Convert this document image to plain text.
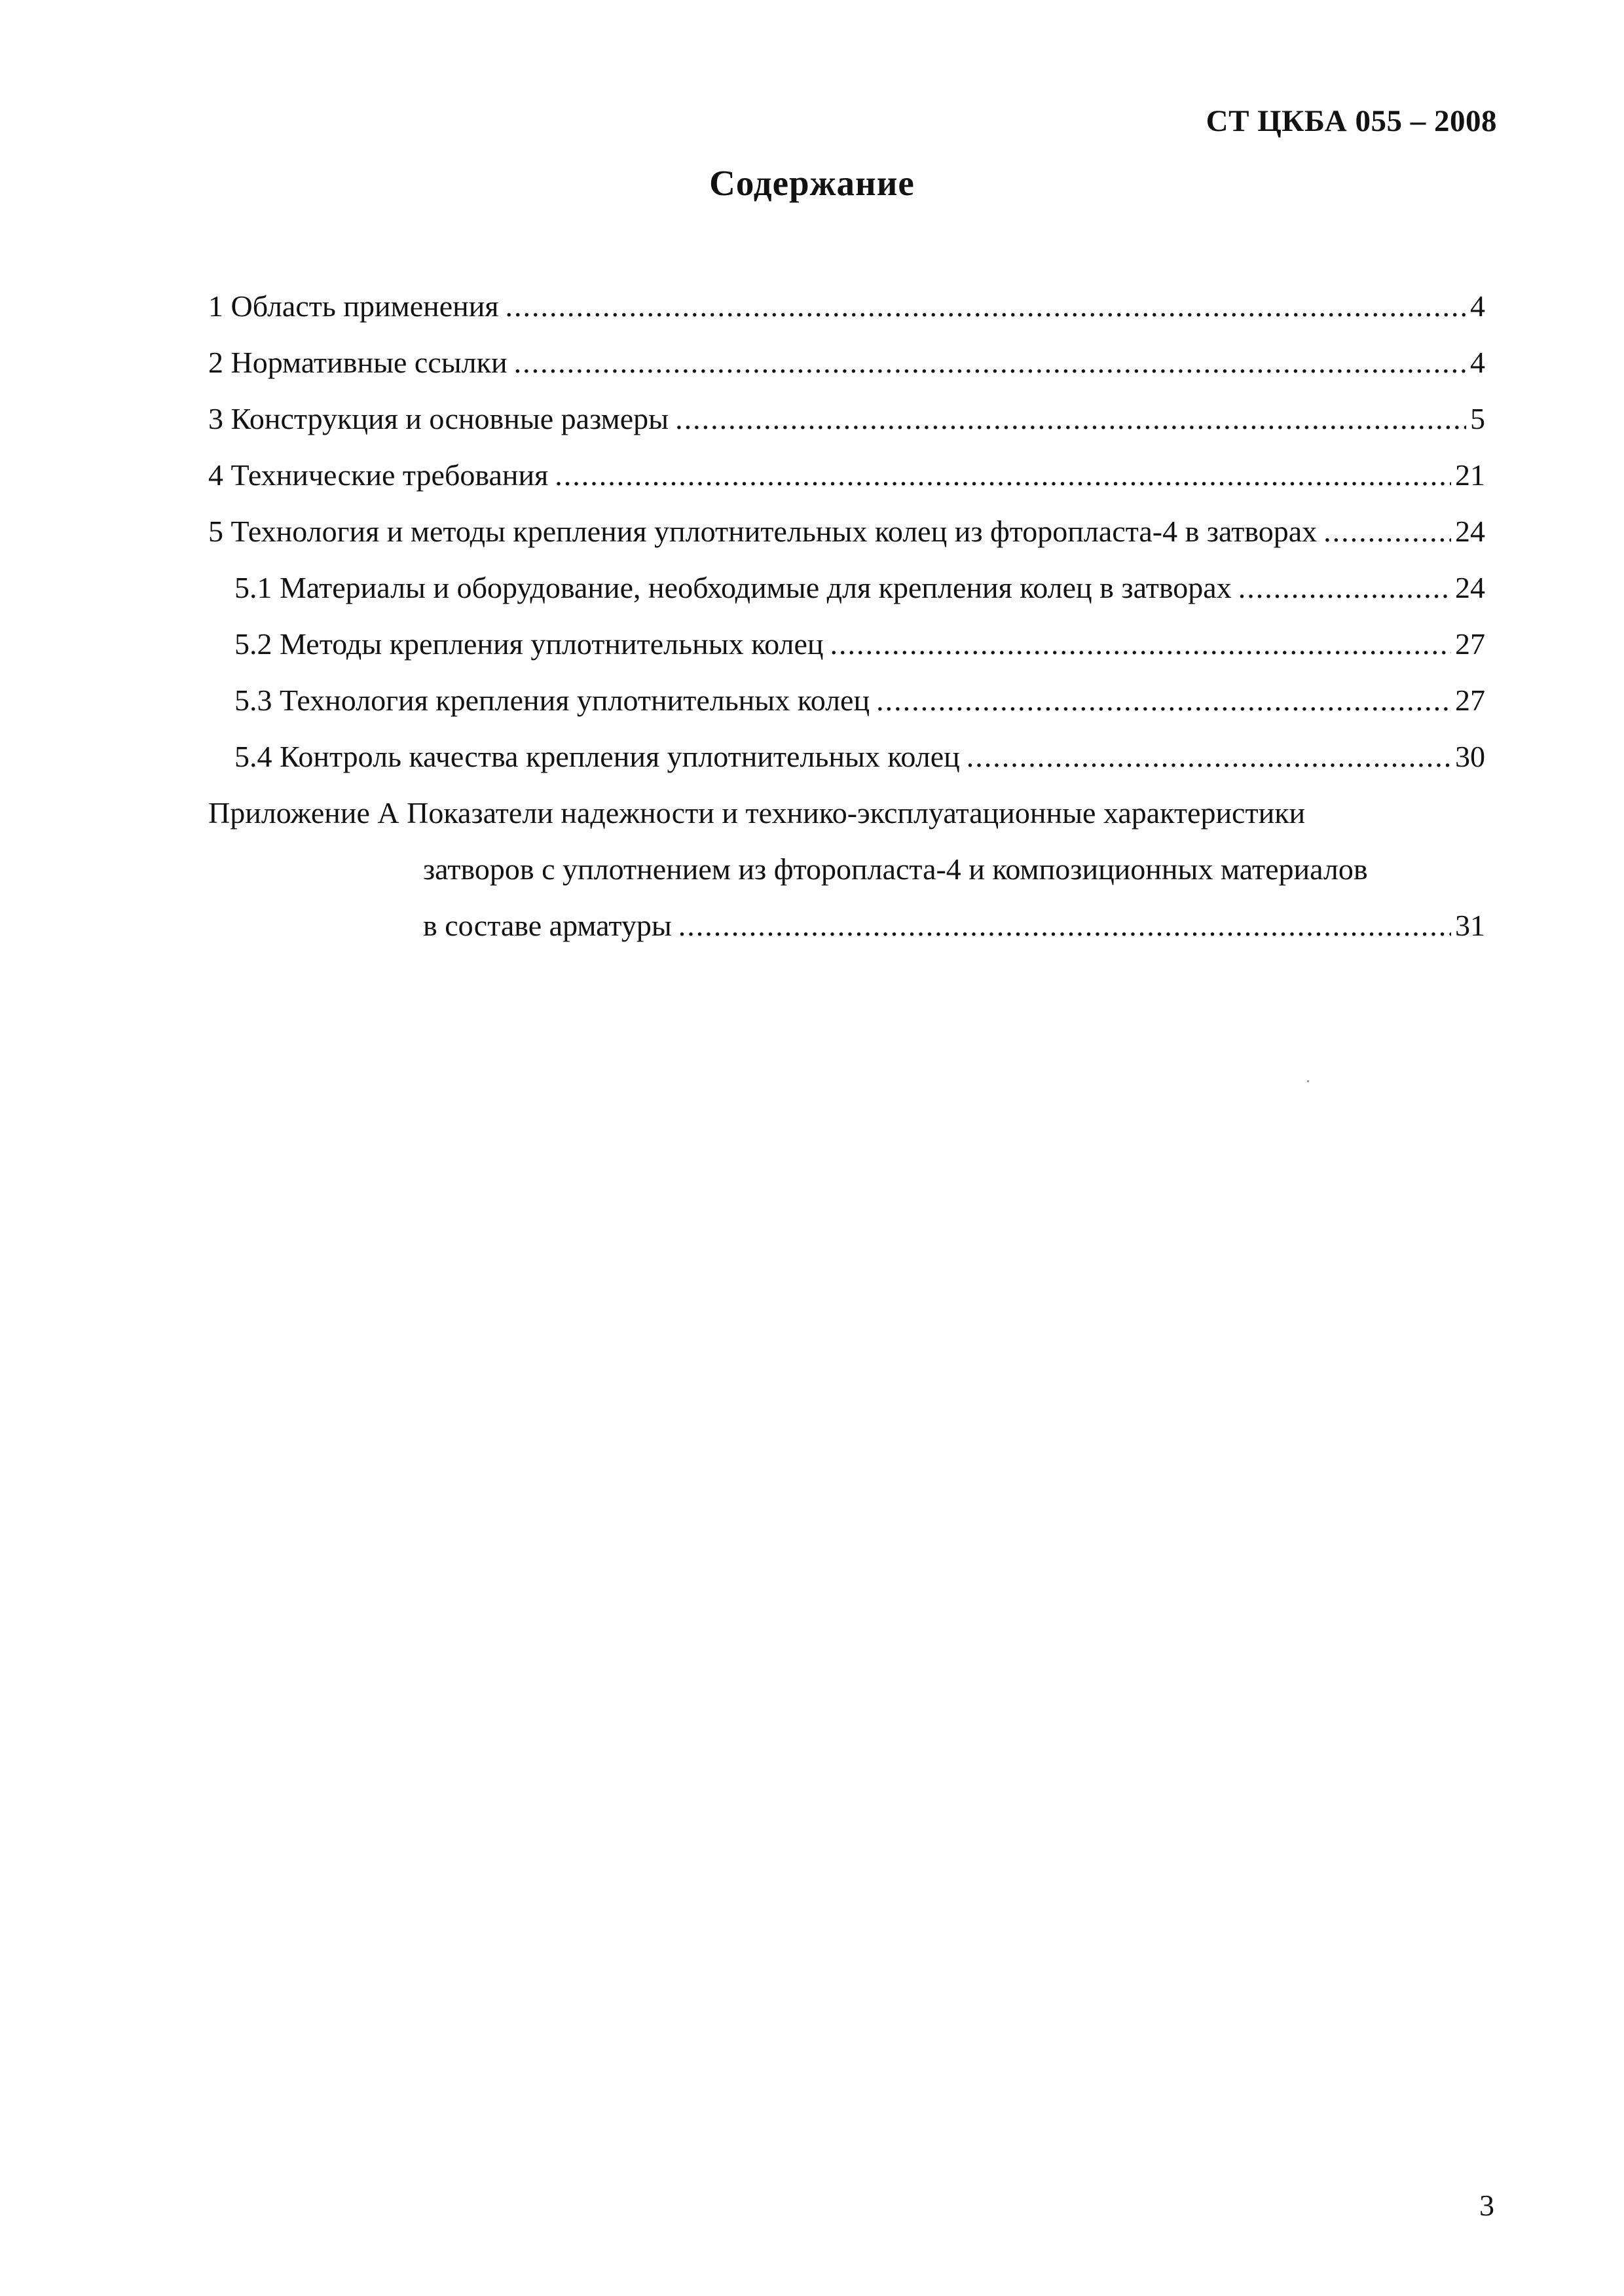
СТ ЦКБА 055 – 2008
Содержание
1 Область применения .....	4
2 Нормативные ссылки .....	4
3 Конструкция и основные размеры .....	5
4 Технические требования .....	21
5 Технология и методы крепления уплотнительных колец из фторопласта-4 в затворах .....	24
5.1 Материалы и оборудование, необходимые для крепления колец в затворах .....	24
5.2 Методы крепления уплотнительных колец .....	27
5.3 Технология крепления уплотнительных колец .....	27
5.4 Контроль качества крепления уплотнительных колец .....	30
Приложение А Показатели надежности и технико-эксплуатационные характеристики
затворов с уплотнением из фторопласта-4 и композиционных материалов
в составе арматуры .....	31
3
